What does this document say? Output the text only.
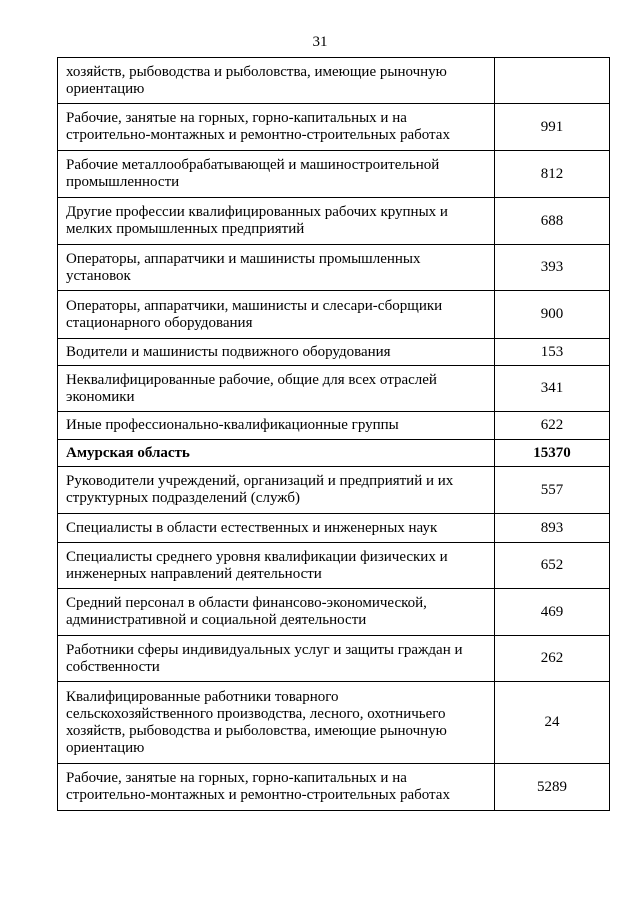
31
хозяйств, рыбоводства и рыболовства, имеющие рыночную ориентацию	
Рабочие, занятые на горных, горно-капитальных и на строительно-монтажных и ремонтно-строительных работах	991
Рабочие металлообрабатывающей и машиностроительной промышленности	812
Другие профессии квалифицированных рабочих крупных и мелких промышленных предприятий	688
Операторы, аппаратчики и машинисты промышленных установок	393
Операторы, аппаратчики, машинисты и слесари-сборщики стационарного оборудования	900
Водители и машинисты подвижного оборудования	153
Неквалифицированные рабочие, общие для всех отраслей экономики	341
Иные профессионально-квалификационные группы	622
Амурская область	15370
Руководители учреждений, организаций и предприятий и их структурных подразделений (служб)	557
Специалисты в области естественных и инженерных наук	893
Специалисты среднего уровня квалификации физических и инженерных направлений деятельности	652
Средний персонал в области финансово-экономической, административной и социальной деятельности	469
Работники сферы индивидуальных услуг и защиты граждан и собственности	262
Квалифицированные работники товарного сельскохозяйственного производства, лесного, охотничьего хозяйств, рыбоводства и рыболовства, имеющие рыночную ориентацию	24
Рабочие, занятые на горных, горно-капитальных и на строительно-монтажных и ремонтно-строительных работах	5289
